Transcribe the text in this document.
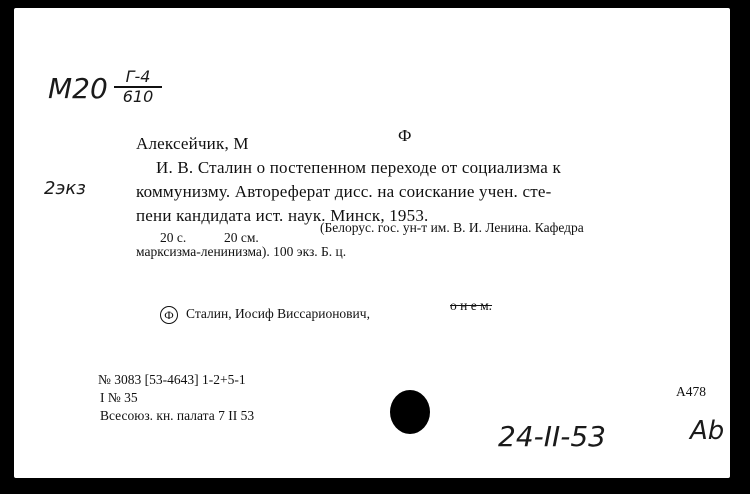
M20	Г-4
610
2экз
Алексейчик, М	Ф
И. В. Сталин о постепенном переходе от социализма к
коммунизму. Автореферат дисс. на соискание учен. сте-
пени кандидата ист. наук. Минск, 1953.
20 с.	20 см.
(Белорус. гос. ун-т им. В. И. Ленина. Кафедра
марксизма-ленинизма). 100 экз. Б. ц.
Ф Сталин, Иосиф Виссарионович,
о н е м.
№ 3083 [53-4643] 1-2+5-1
I № 35
Всесоюз. кн. палата 7 II 53
24-II-53
А478
Ab
